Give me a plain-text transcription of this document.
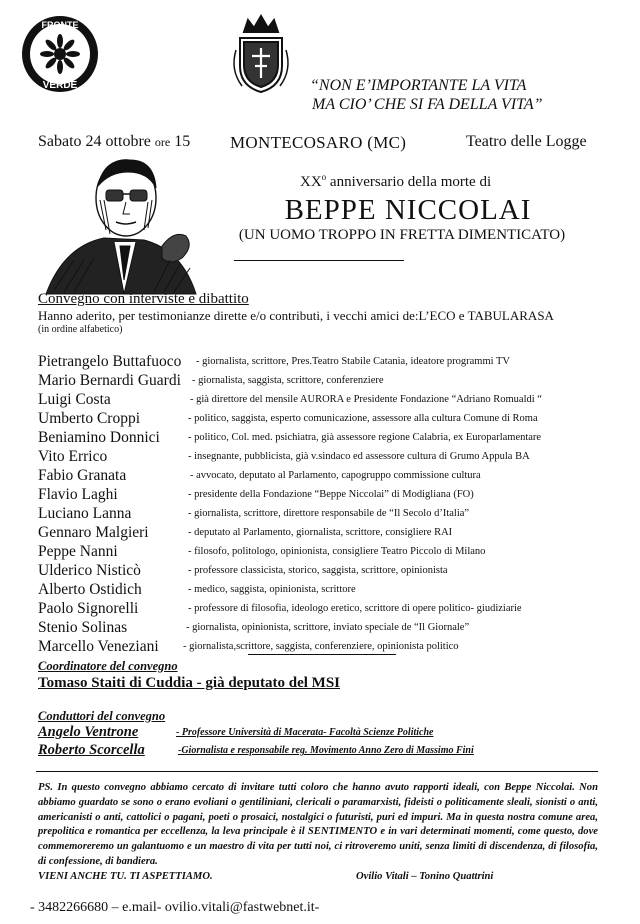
FRONTE
VERDE	“NON E’IMPORTANTE LA VITA
MA CIO’ CHE SI FA DELLA VITA”
Sabato 24 ottobre ore 15 MONTECOSARO (MC)	Teatro delle Logge
$XX^o$ anniversario della morte di
BEPPE NICCOLAI
(UN UOMO TROPPO IN FRETTA DIMENTICATO)
Convegno con interviste e dibattito
Hanno aderito, per testimonianze dirette e/o contributi, i vecchi amici de:L’ECO e TABULARASA
(in ordine alfabetico)
Pietrangelo Buttafuoco - giornalista, scrittore, Pres.Teatro Stabile Catania, ideatore programmi TV
Mario Bernardi Guardi - giornalista, saggista, scrittore, conferenziere
Luigi Costa	- già direttore del mensile AURORA e Presidente Fondazione “Adriano Romualdi “
Umberto Croppi	- politico, saggista, esperto comunicazione, assessore alla cultura Comune di Roma
Beniamino Donnici	- politico, Col. med. psichiatra, già assessore regione Calabria, ex Europarlamentare
Vito Errico	- insegnante, pubblicista, già v.sindaco ed assessore cultura di Grumo Appula BA
Fabio Granata	- avvocato, deputato al Parlamento, capogruppo commissione cultura
Flavio Laghi	- presidente della Fondazione “Beppe Niccolai” di Modigliana (FO)
Luciano Lanna	- giornalista, scrittore, direttore responsabile de “Il Secolo d’Italia”
Gennaro Malgieri	- deputato al Parlamento, giornalista, scrittore, consigliere RAI
Peppe Nanni	- filosofo, politologo, opinionista, consigliere Teatro Piccolo di Milano
Ulderico Nisticò	- professore classicista, storico, saggista, scrittore, opinionista
Alberto Ostidich	- medico, saggista, opinionista, scrittore
Paolo Signorelli	- professore di filosofia, ideologo eretico, scrittore di opere politico- giudiziarie
Stenio Solinas	- giornalista, opinionista, scrittore, inviato speciale de “Il Giornale”
Marcello Veneziani - giornalista,scrittore, saggista, conferenziere, opinionista politico
Coordinatore del convegno
Tomaso Staiti di Cuddia - già deputato del MSI
Conduttori del convegno
Angelo Ventrone	- Professore Università di Macerata- Facoltà Scienze Politiche
Roberto Scorcella	-Giornalista e responsabile reg. Movimento Anno Zero di Massimo Fini
PS. In questo convegno abbiamo cercato di invitare tutti coloro che hanno avuto rapporti ideali, con Beppe Niccolai. Non abbiamo guardato se sono o erano evoliani o gentiliniani, clericali o paramarxisti, fideisti o politicamente sleali, sionisti o anti, americanisti o anti, cattolici o pagani, poeti o prosaici, nostalgici o futuristi, puri ed impuri. Ma in questa nostra comune area, prepolitica e romantica per eccellenza, la leva principale è il SENTIMENTO e in vari determinati momenti, come questo, dove commemoreremo un galantuomo e un maestro di vita per tutti noi, ci ritroveremo uniti, senza limiti di discendenza, di filosofia, di confessione, di bandiera.

VIENI ANCHE TU. TI ASPETTIAMO.	Ovilio Vitali – Tonino Quattrini
- 3482266680 – e.mail- ovilio.vitali@fastwebnet.it-
